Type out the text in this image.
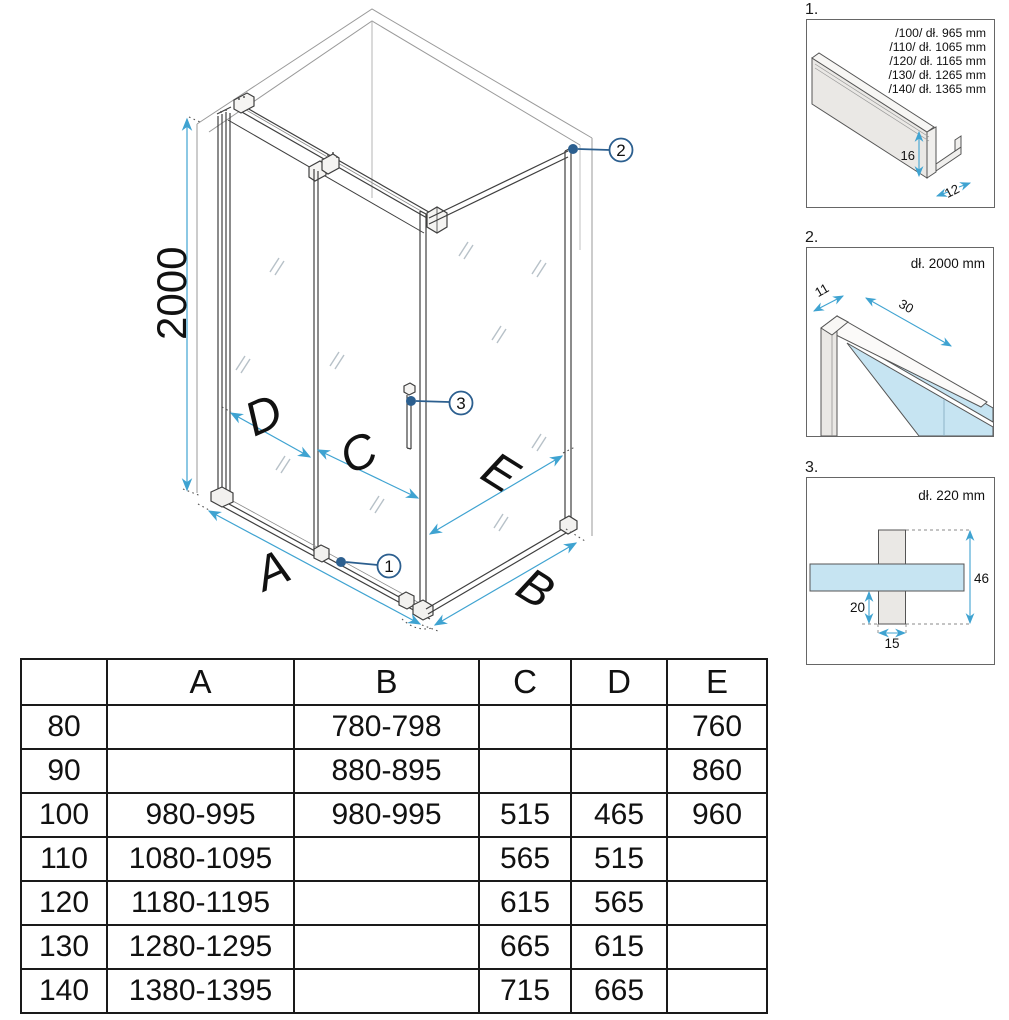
1
2
3
2000
D
C E
A	B
1.
/100/ dł. 965 mm
/110/ dł. 1065 mm
/120/ dł. 1165 mm
/130/ dł. 1265 mm
/140/ dł. 1365 mm
16
12
2.
dł. 2000 mm
11
30
3.
dł. 220 mm
46
20
15
	A	B	C	D	E
80		780-798			760
90		880-895			860
100	980-995	980-995	515	465	960
110	1080-1095		565	515	
120	1180-1195		615	565	
130	1280-1295		665	615	
140	1380-1395		715	665	
